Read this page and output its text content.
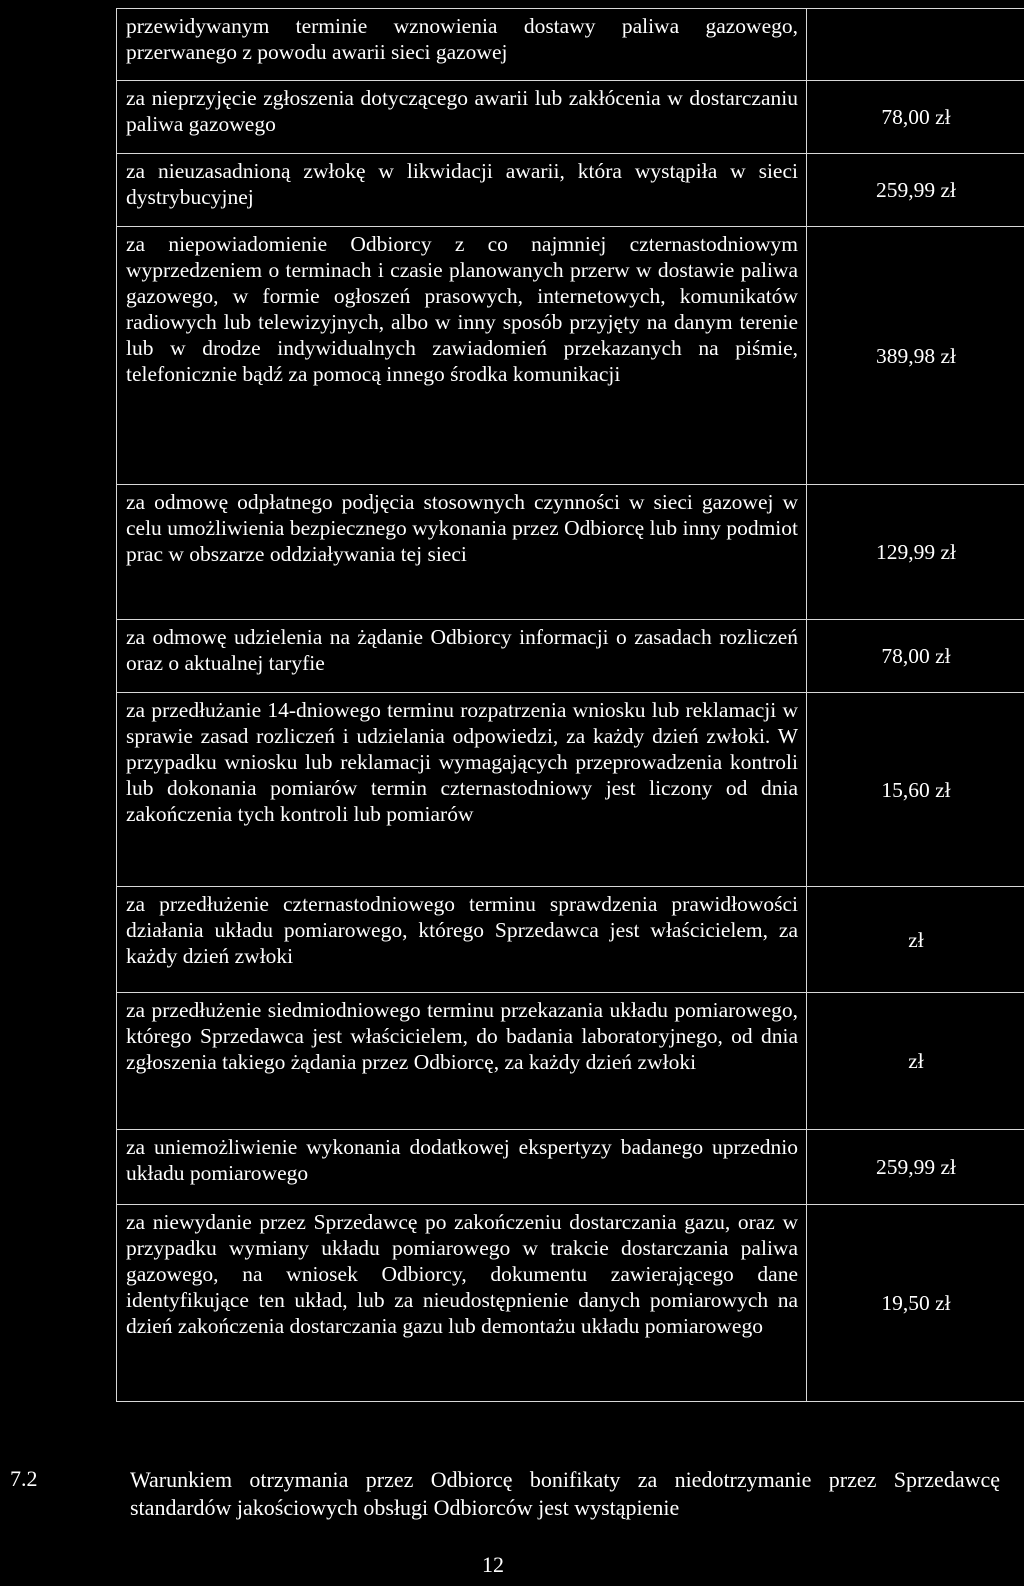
przewidywanym terminie wznowienia dostawy paliwa gazowego, przerwanego z powodu awarii sieci gazowej	
za nieprzyjęcie zgłoszenia dotyczącego awarii lub zakłócenia w dostarczaniu paliwa gazowego	78,00 zł
za nieuzasadnioną zwłokę w likwidacji awarii, która wystąpiła w sieci dystrybucyjnej	259,99 zł
za niepowiadomienie Odbiorcy z co najmniej czternastodniowym wyprzedzeniem o terminach i czasie planowanych przerw w dostawie paliwa gazowego, w formie ogłoszeń prasowych, internetowych, komunikatów radiowych lub telewizyjnych, albo w inny sposób przyjęty na danym terenie lub w drodze indywidualnych zawiadomień przekazanych na piśmie, telefonicznie bądź za pomocą innego środka komunikacji	389,98 zł
za odmowę odpłatnego podjęcia stosownych czynności w sieci gazowej w celu umożliwienia bezpiecznego wykonania przez Odbiorcę lub inny podmiot prac w obszarze oddziaływania tej sieci	129,99 zł
za odmowę udzielenia na żądanie Odbiorcy informacji o zasadach rozliczeń oraz o aktualnej taryfie	78,00 zł
za przedłużanie 14-dniowego terminu rozpatrzenia wniosku lub reklamacji w sprawie zasad rozliczeń i udzielania odpowiedzi, za każdy dzień zwłoki. W przypadku wniosku lub reklamacji wymagających przeprowadzenia kontroli lub dokonania pomiarów termin czternastodniowy jest liczony od dnia zakończenia tych kontroli lub pomiarów	15,60 zł
za przedłużenie czternastodniowego terminu sprawdzenia prawidłowości działania układu pomiarowego, którego Sprzedawca jest właścicielem, za każdy dzień zwłoki	zł
za przedłużenie siedmiodniowego terminu przekazania układu pomiarowego, którego Sprzedawca jest właścicielem, do badania laboratoryjnego, od dnia zgłoszenia takiego żądania przez Odbiorcę, za każdy dzień zwłoki	zł
za uniemożliwienie wykonania dodatkowej ekspertyzy badanego uprzednio układu pomiarowego	259,99 zł
za niewydanie przez Sprzedawcę po zakończeniu dostarczania gazu, oraz w przypadku wymiany układu pomiarowego w trakcie dostarczania paliwa gazowego, na wniosek Odbiorcy, dokumentu zawierającego dane identyfikujące ten układ, lub za nieudostępnienie danych pomiarowych na dzień zakończenia dostarczania gazu lub demontażu układu pomiarowego	19,50 zł
7.2	Warunkiem otrzymania przez Odbiorcę bonifikaty za niedotrzymanie przez Sprzedawcę standardów jakościowych obsługi Odbiorców jest wystąpienie
12
